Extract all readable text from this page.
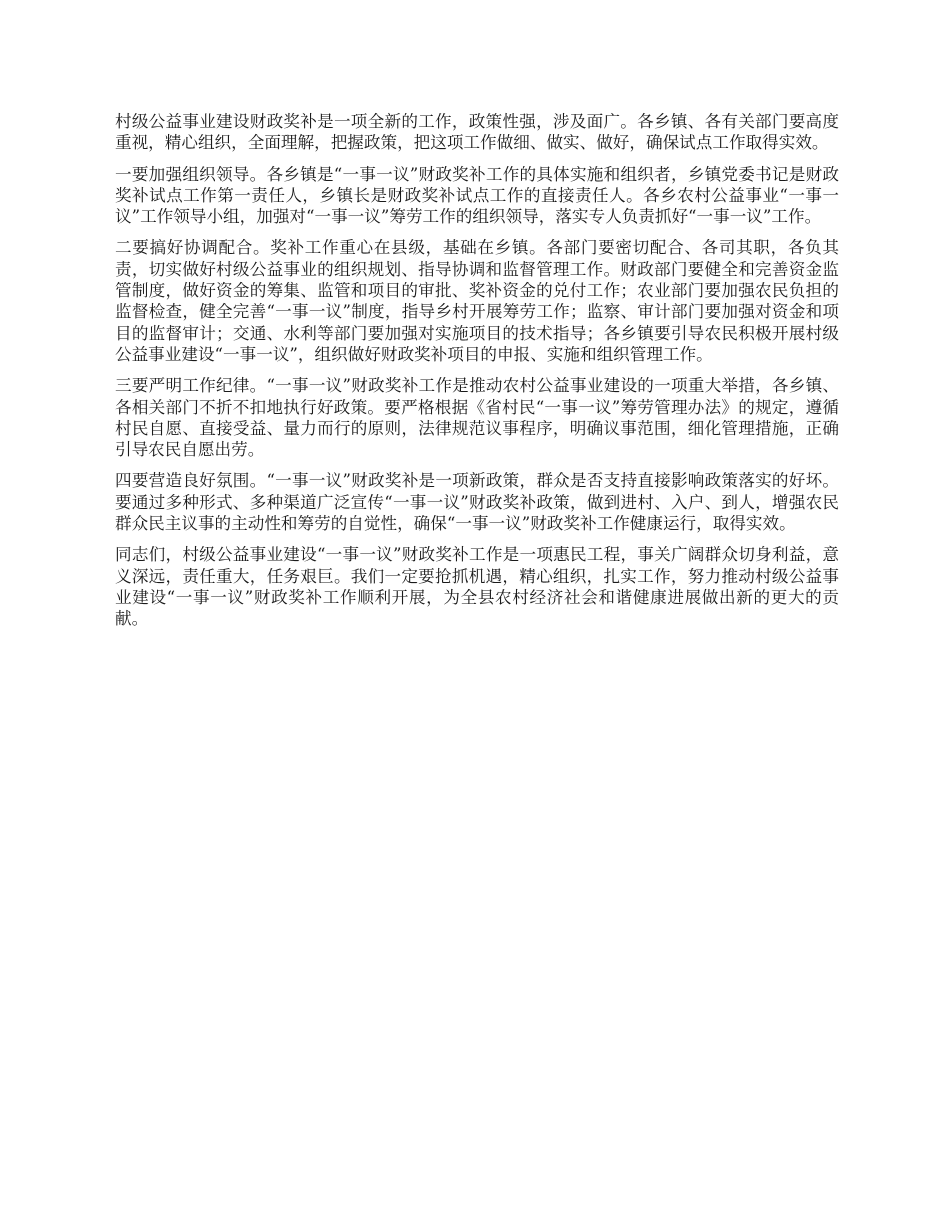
村级公益事业建设财政奖补是一项全新的工作，政策性强，涉及面广。各乡镇、各有关部门要高度重视，精心组织，全面理解，把握政策，把这项工作做细、做实、做好，确保试点工作取得实效。

一要加强组织领导。各乡镇是“一事一议”财政奖补工作的具体实施和组织者，乡镇党委书记是财政奖补试点工作第一责任人，乡镇长是财政奖补试点工作的直接责任人。各乡农村公益事业“一事一议”工作领导小组，加强对“一事一议”筹劳工作的组织领导，落实专人负责抓好“一事一议”工作。

二要搞好协调配合。奖补工作重心在县级，基础在乡镇。各部门要密切配合、各司其职，各负其责，切实做好村级公益事业的组织规划、指导协调和监督管理工作。财政部门要健全和完善资金监管制度，做好资金的筹集、监管和项目的审批、奖补资金的兑付工作；农业部门要加强农民负担的监督检查，健全完善“一事一议”制度，指导乡村开展筹劳工作；监察、审计部门要加强对资金和项目的监督审计；交通、水利等部门要加强对实施项目的技术指导；各乡镇要引导农民积极开展村级公益事业建设“一事一议”，组织做好财政奖补项目的申报、实施和组织管理工作。

三要严明工作纪律。“一事一议”财政奖补工作是推动农村公益事业建设的一项重大举措，各乡镇、各相关部门不折不扣地执行好政策。要严格根据《省村民“一事一议”筹劳管理办法》的规定，遵循村民自愿、直接受益、量力而行的原则，法律规范议事程序，明确议事范围，细化管理措施，正确引导农民自愿出劳。

四要营造良好氛围。“一事一议”财政奖补是一项新政策，群众是否支持直接影响政策落实的好坏。要通过多种形式、多种渠道广泛宣传“一事一议”财政奖补政策，做到进村、入户、到人，增强农民群众民主议事的主动性和筹劳的自觉性，确保“一事一议”财政奖补工作健康运行，取得实效。

同志们，村级公益事业建设“一事一议”财政奖补工作是一项惠民工程，事关广阔群众切身利益，意义深远，责任重大，任务艰巨。我们一定要抢抓机遇，精心组织，扎实工作，努力推动村级公益事业建设“一事一议”财政奖补工作顺利开展，为全县农村经济社会和谐健康进展做出新的更大的贡献。
